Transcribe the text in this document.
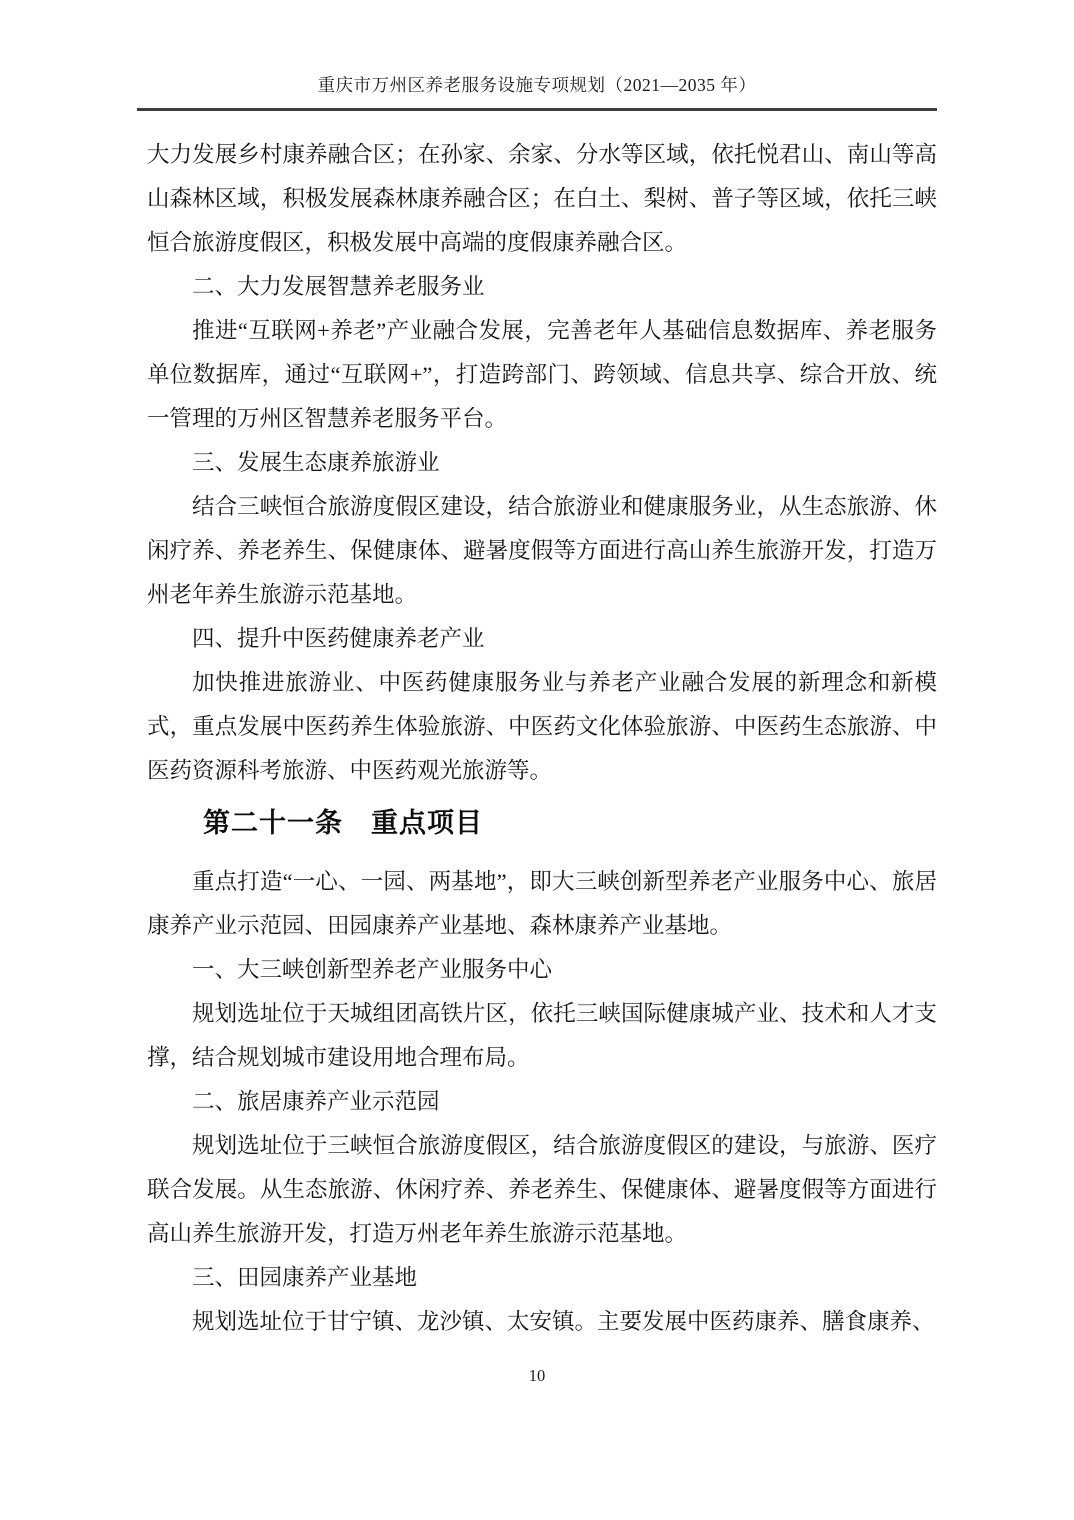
重庆市万州区养老服务设施专项规划（2021—2035 年）

大力发展乡村康养融合区；在孙家、余家、分水等区域，依托悦君山、南山等高山森林区域，积极发展森林康养融合区；在白土、梨树、普子等区域，依托三峡恒合旅游度假区，积极发展中高端的度假康养融合区。

二、大力发展智慧养老服务业

推进“互联网+养老”产业融合发展，完善老年人基础信息数据库、养老服务单位数据库，通过“互联网+”，打造跨部门、跨领域、信息共享、综合开放、统一管理的万州区智慧养老服务平台。

三、发展生态康养旅游业

结合三峡恒合旅游度假区建设，结合旅游业和健康服务业，从生态旅游、休闲疗养、养老养生、保健康体、避暑度假等方面进行高山养生旅游开发，打造万州老年养生旅游示范基地。

四、提升中医药健康养老产业

加快推进旅游业、中医药健康服务业与养老产业融合发展的新理念和新模式，重点发展中医药养生体验旅游、中医药文化体验旅游、中医药生态旅游、中医药资源科考旅游、中医药观光旅游等。

第二十一条　重点项目

重点打造“一心、一园、两基地”，即大三峡创新型养老产业服务中心、旅居康养产业示范园、田园康养产业基地、森林康养产业基地。

一、大三峡创新型养老产业服务中心

规划选址位于天城组团高铁片区，依托三峡国际健康城产业、技术和人才支撑，结合规划城市建设用地合理布局。

二、旅居康养产业示范园

规划选址位于三峡恒合旅游度假区，结合旅游度假区的建设，与旅游、医疗联合发展。从生态旅游、休闲疗养、养老养生、保健康体、避暑度假等方面进行高山养生旅游开发，打造万州老年养生旅游示范基地。

三、田园康养产业基地

规划选址位于甘宁镇、龙沙镇、太安镇。主要发展中医药康养、膳食康养、

10
